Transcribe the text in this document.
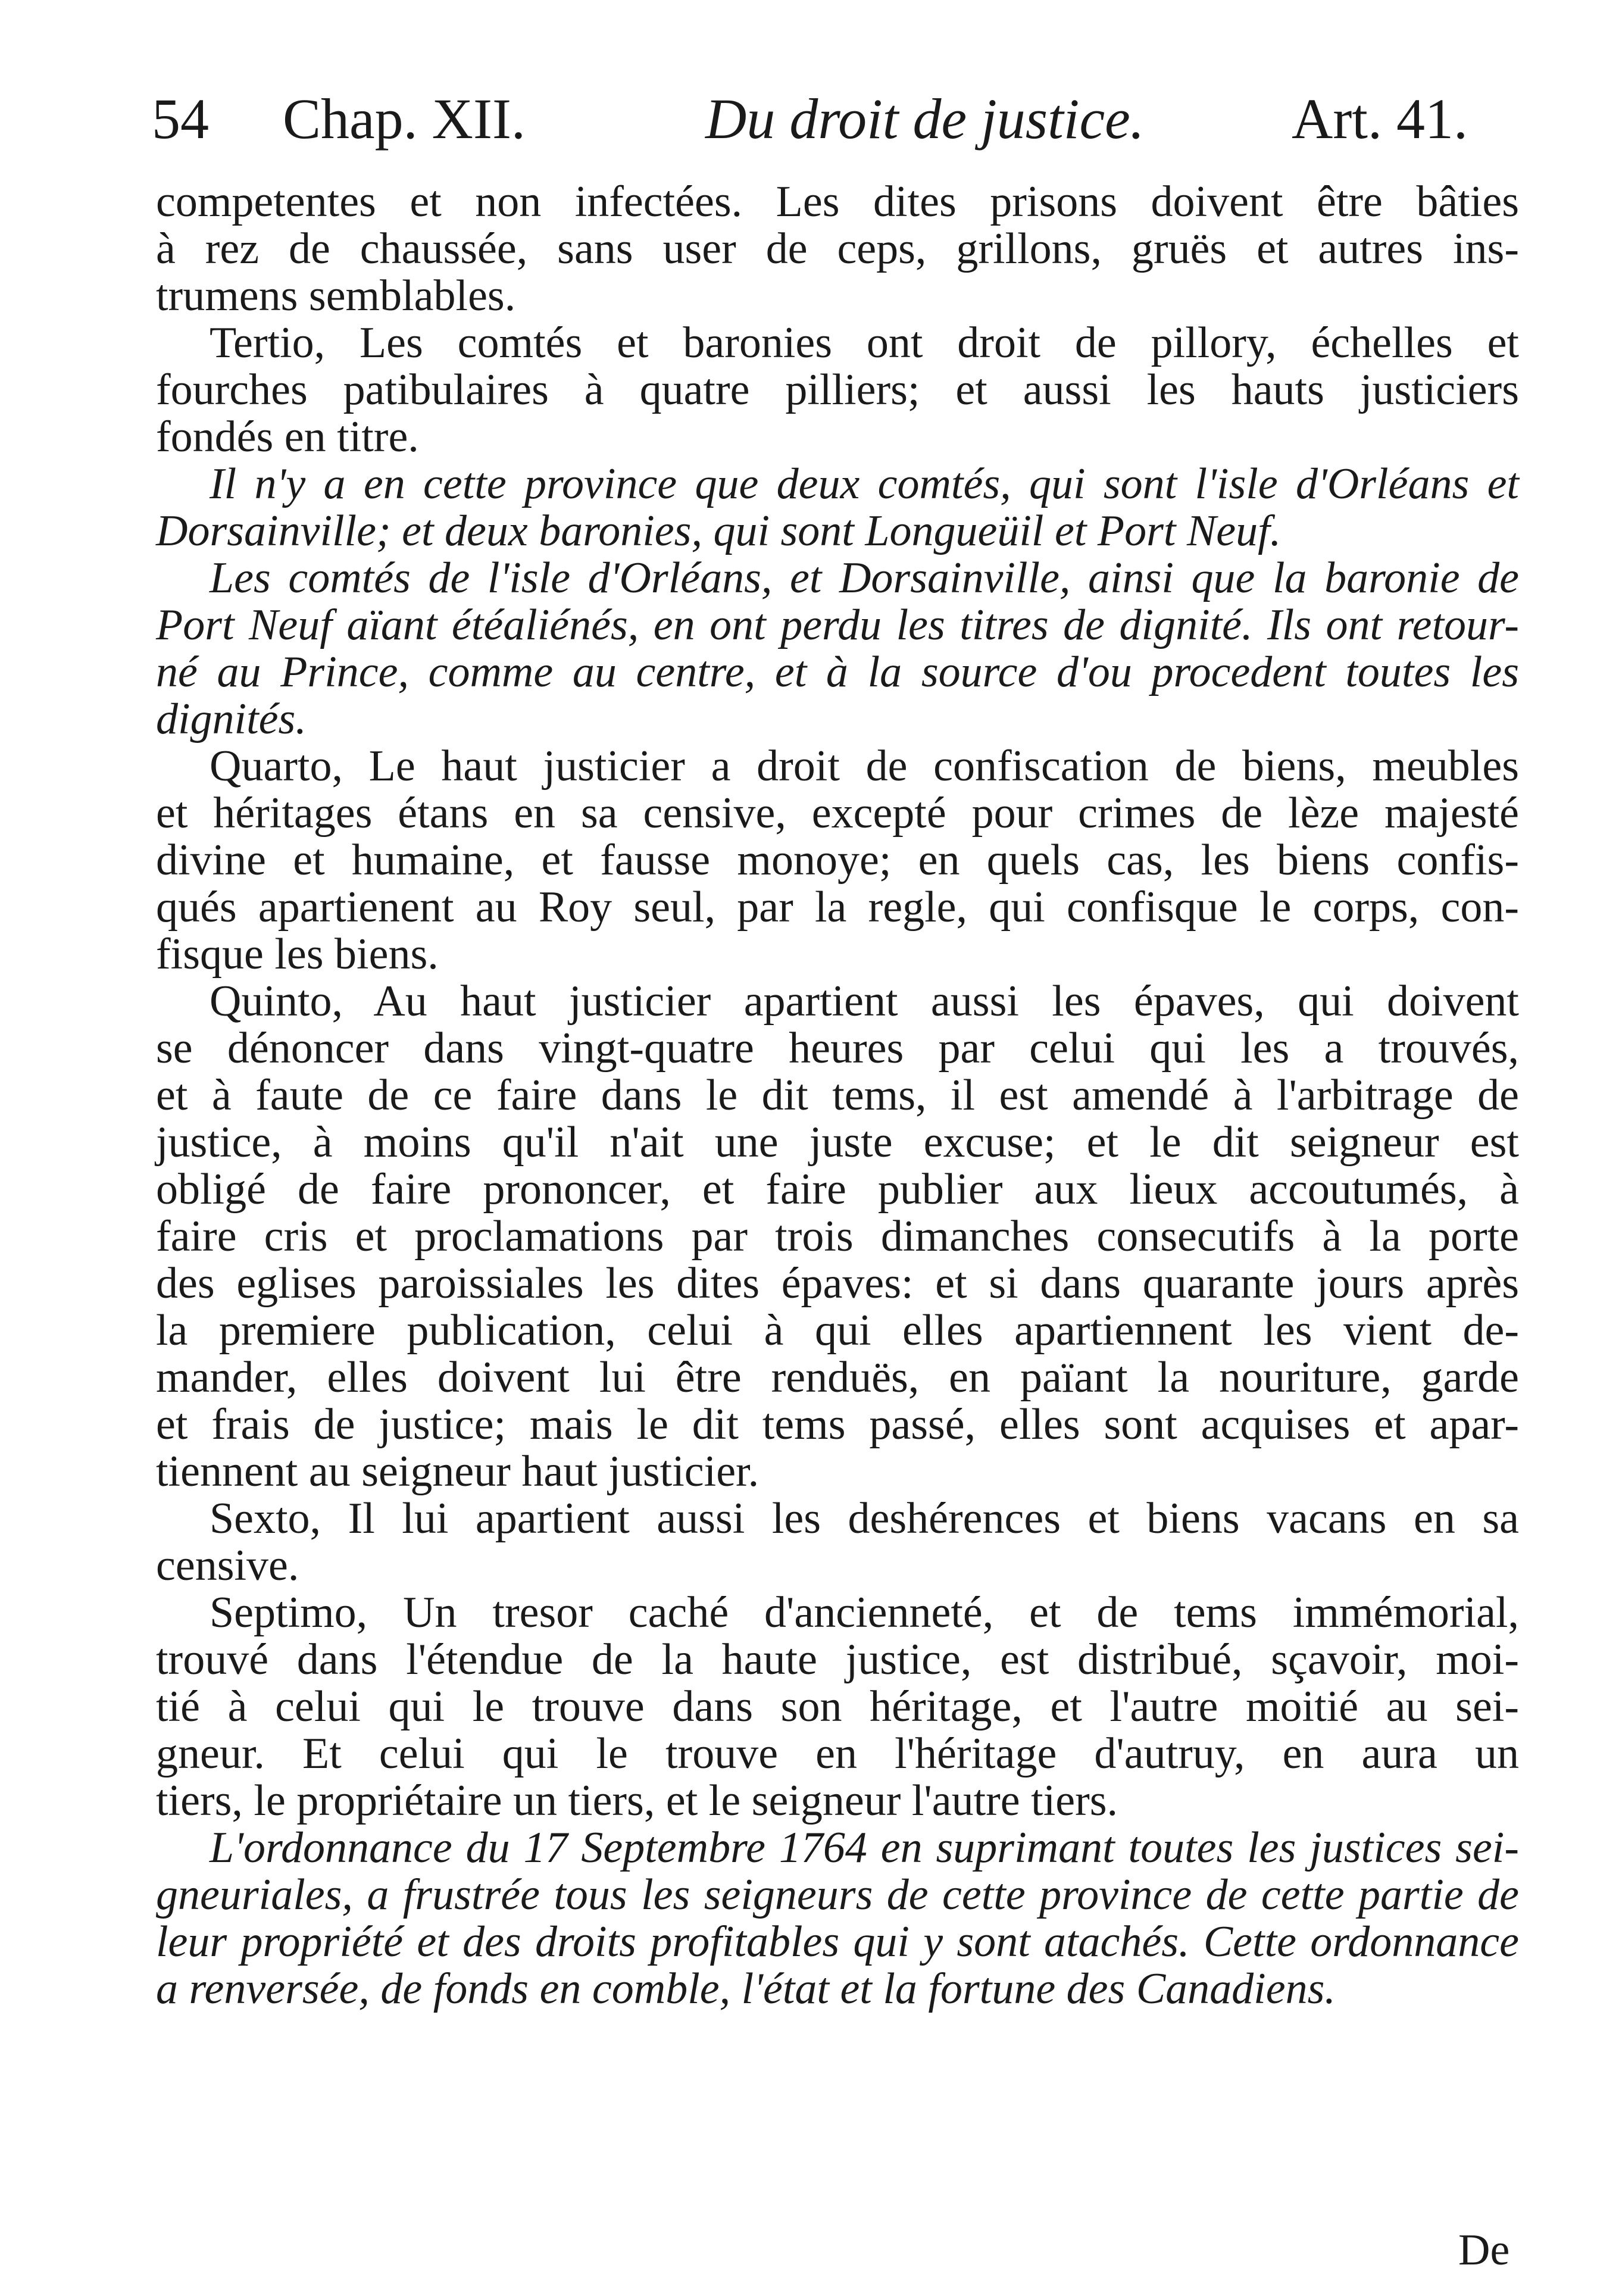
54 Chap. XII.	Du droit de justice.	Art. 41.
competentes et non infectées. Les dites prisons doivent être bâties
à rez de chaussée, sans user de ceps, grillons, gruës et autres ins-
trumens semblables.
Tertio, Les comtés et baronies ont droit de pillory, échelles et
fourches patibulaires à quatre pilliers; et aussi les hauts justiciers
fondés en titre.
Il n'y a en cette province que deux comtés, qui sont l'isle d'Orléans et
Dorsainville; et deux baronies, qui sont Longueüil et Port Neuf.
Les comtés de l'isle d'Orléans, et Dorsainville, ainsi que la baronie de
Port Neuf aïant étéaliénés, en ont perdu les titres de dignité. Ils ont retour-
né au Prince, comme au centre, et à la source d'ou procedent toutes les
dignités.
Quarto, Le haut justicier a droit de confiscation de biens, meubles
et héritages étans en sa censive, excepté pour crimes de lèze majesté
divine et humaine, et fausse monoye; en quels cas, les biens confis-
qués apartienent au Roy seul, par la regle, qui confisque le corps, con-
fisque les biens.
Quinto, Au haut justicier apartient aussi les épaves, qui doivent
se dénoncer dans vingt-quatre heures par celui qui les a trouvés,
et à faute de ce faire dans le dit tems, il est amendé à l'arbitrage de
justice, à moins qu'il n'ait une juste excuse; et le dit seigneur est
obligé de faire prononcer, et faire publier aux lieux accoutumés, à
faire cris et proclamations par trois dimanches consecutifs à la porte
des eglises paroissiales les dites épaves: et si dans quarante jours après
la premiere publication, celui à qui elles apartiennent les vient de-
mander, elles doivent lui être renduës, en païant la nouriture, garde
et frais de justice; mais le dit tems passé, elles sont acquises et apar-
tiennent au seigneur haut justicier.
Sexto, Il lui apartient aussi les deshérences et biens vacans en sa
censive.
Septimo, Un tresor caché d'ancienneté, et de tems immémorial,
trouvé dans l'étendue de la haute justice, est distribué, sçavoir, moi-
tié à celui qui le trouve dans son héritage, et l'autre moitié au sei-
gneur. Et celui qui le trouve en l'héritage d'autruy, en aura un
tiers, le propriétaire un tiers, et le seigneur l'autre tiers.
L'ordonnance du 17 Septembre 1764 en suprimant toutes les justices sei-
gneuriales, a frustrée tous les seigneurs de cette province de cette partie de
leur propriété et des droits profitables qui y sont atachés. Cette ordonnance
a renversée, de fonds en comble, l'état et la fortune des Canadiens.
De
